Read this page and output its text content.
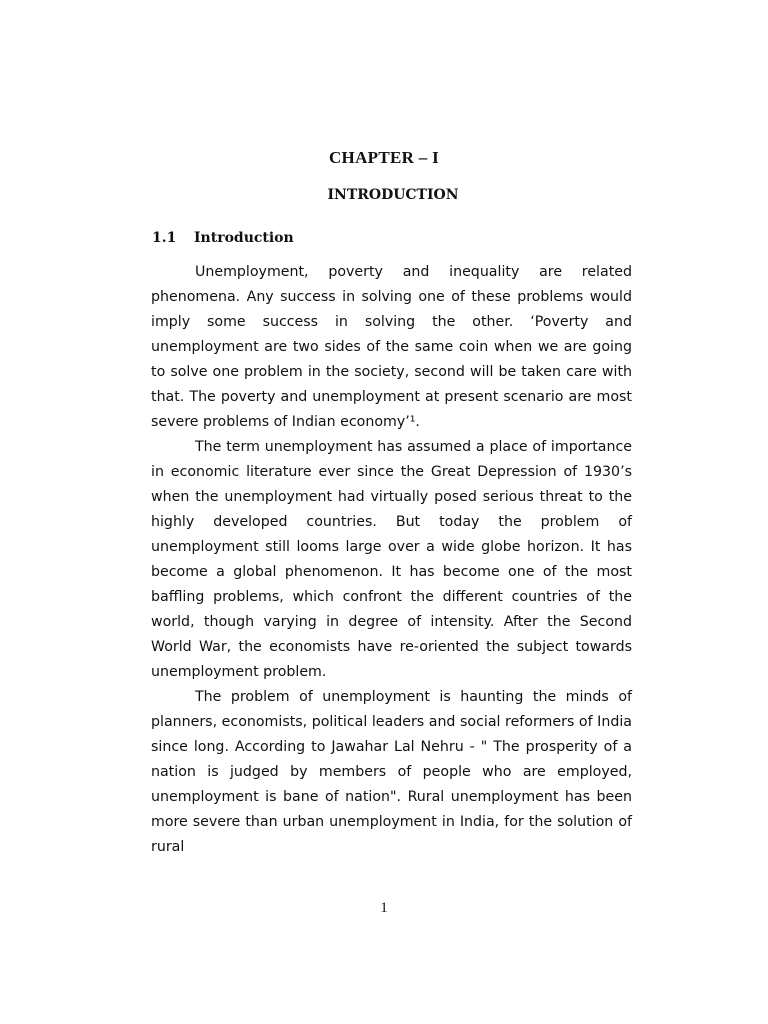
CHAPTER – I
INTRODUCTION
1.1 Introduction

Unemployment, poverty and inequality are related phenomena. Any success in solving one of these problems would imply some success in solving the other. ‘Poverty and unemployment are two sides of the same coin when we are going to solve one problem in the society, second will be taken care with that. The poverty and unemployment at present scenario are most severe problems of Indian economy’¹.

The term unemployment has assumed a place of importance in economic literature ever since the Great Depression of 1930’s when the unemployment had virtually posed serious threat to the highly developed countries. But today the problem of unemployment still looms large over a wide globe horizon. It has become a global phenomenon. It has become one of the most baffling problems, which confront the different countries of the world, though varying in degree of intensity. After the Second World War, the economists have re-oriented the subject towards unemployment problem.

The problem of unemployment is haunting the minds of planners, economists, political leaders and social reformers of India since long. According to Jawahar Lal Nehru - " The prosperity of a nation is judged by members of people who are employed, unemployment is bane of nation". Rural unemployment has been more severe than urban unemployment in India, for the solution of rural

1
